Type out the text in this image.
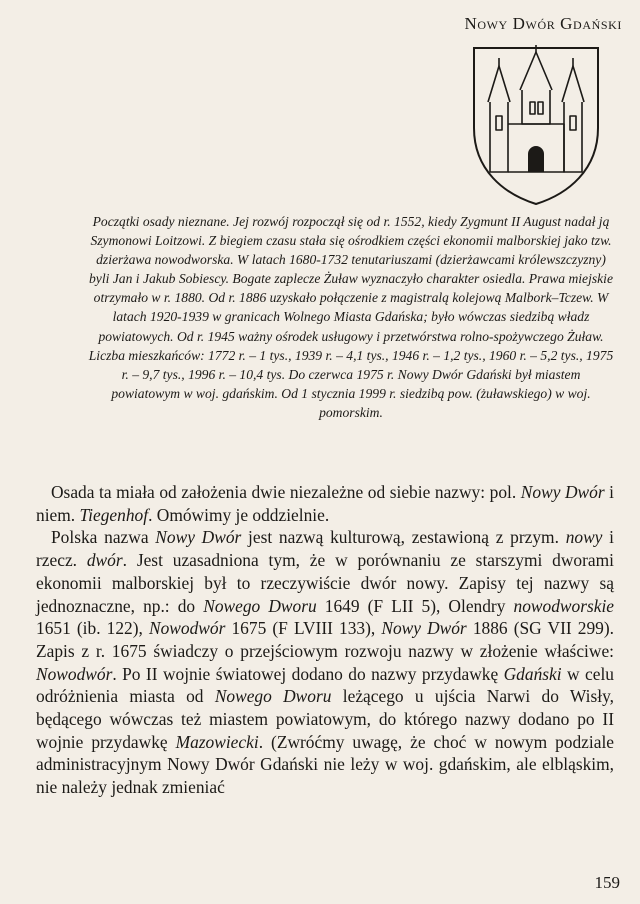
Nowy Dwór Gdański

Początki osady nieznane. Jej rozwój rozpoczął się od r. 1552, kiedy Zygmunt II August nadał ją Szymonowi Loitzowi. Z biegiem czasu stała się ośrodkiem części ekonomii malborskiej jako tzw. dzierżawa nowodworska. W latach 1680-1732 tenutariuszami (dzierżawcami królewszczyzny) byli Jan i Jakub Sobiescy. Bogate zaplecze Żuław wyznaczyło charakter osiedla. Prawa miejskie otrzymało w r. 1880. Od r. 1886 uzyskało połączenie z magistralą kolejową Malbork–Tczew. W latach 1920-1939 w granicach Wolnego Miasta Gdańska; było wówczas siedzibą władz powiatowych. Od r. 1945 ważny ośrodek usługowy i przetwórstwa rolno-spożywczego Żuław. Liczba mieszkańców: 1772 r. – 1 tys., 1939 r. – 4,1 tys., 1946 r. – 1,2 tys., 1960 r. – 5,2 tys., 1975 r. – 9,7 tys., 1996 r. – 10,4 tys. Do czerwca 1975 r. Nowy Dwór Gdański był miastem powiatowym w woj. gdańskim. Od 1 stycznia 1999 r. siedzibą pow. (żuławskiego) w woj. pomorskim.

Osada ta miała od założenia dwie niezależne od siebie nazwy: pol. Nowy Dwór i niem. Tiegenhof. Omówimy je oddzielnie.

Polska nazwa Nowy Dwór jest nazwą kulturową, zestawioną z przym. nowy i rzecz. dwór. Jest uzasadniona tym, że w porównaniu ze starszymi dworami ekonomii malborskiej był to rzeczywiście dwór nowy. Zapisy tej nazwy są jednoznaczne, np.: do Nowego Dworu 1649 (F LII 5), Olendry nowodworskie 1651 (ib. 122), Nowodwór 1675 (F LVIII 133), Nowy Dwór 1886 (SG VII 299). Zapis z r. 1675 świadczy o przejściowym rozwoju nazwy w złożenie właściwe: Nowodwór. Po II wojnie światowej dodano do nazwy przydawkę Gdański w celu odróżnienia miasta od Nowego Dworu leżącego u ujścia Narwi do Wisły, będącego wówczas też miastem powiatowym, do którego nazwy dodano po II wojnie przydawkę Mazowiecki. (Zwróćmy uwagę, że choć w nowym podziale administracyjnym Nowy Dwór Gdański nie leży w woj. gdańskim, ale elbląskim, nie należy jednak zmieniać

159
